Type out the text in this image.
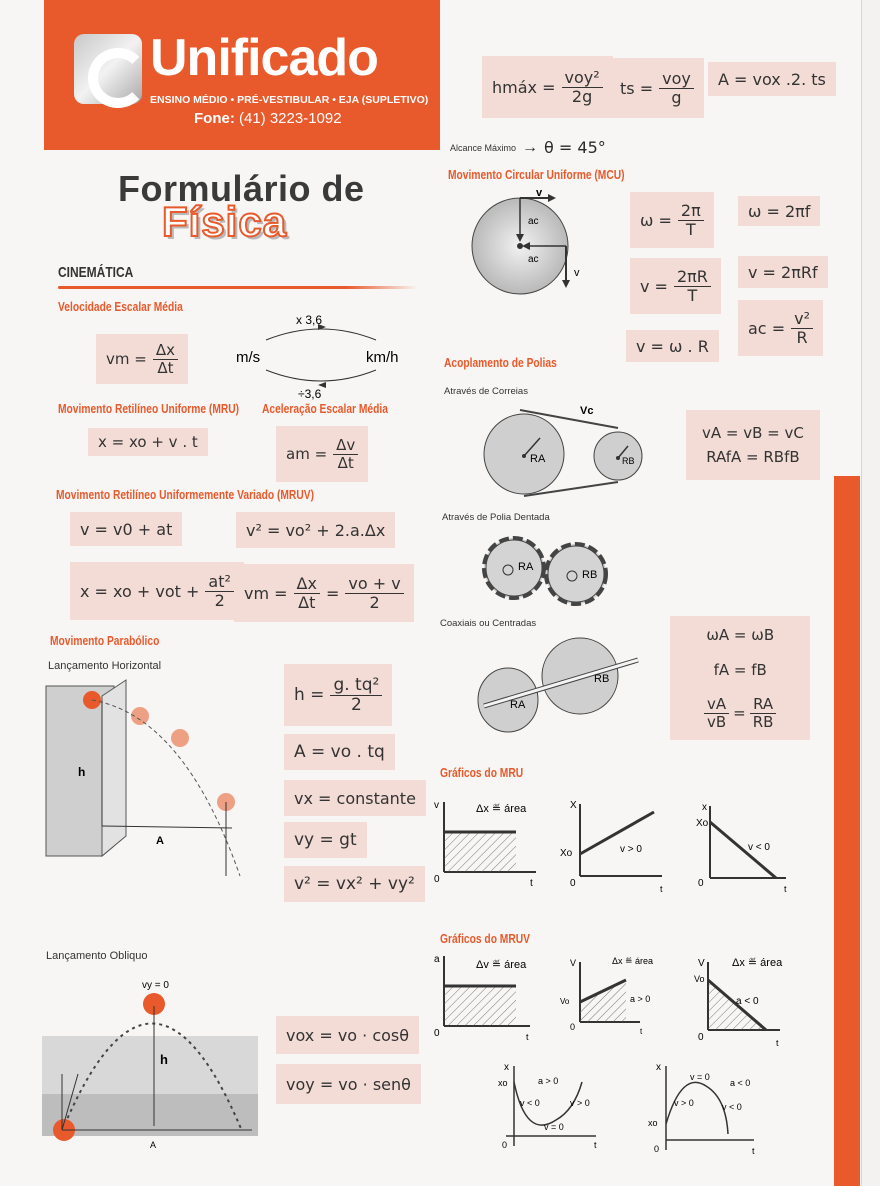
Unificado
ENSINO MÉDIO • PRÉ-VESTIBULAR • EJA (SUPLETIVO)
Fone: (41) 3223-1092
Formulário de
Física
CINEMÁTICA
Velocidade Escalar Média
vm = $\frac{\Delta x}{\Delta t}$
x 3,6
÷3,6
m/s	km/h
Movimento Retilíneo Uniforme (MRU) Aceleração Escalar Média
x = xo + v . t
am = $\frac{\Delta v}{\Delta t}$
Movimento Retilíneo Uniformemente Variado (MRUV)
v = v0 + at	v² = vo² + 2.a.Δx
x = xo + vot + $\frac{\text{at²}}{2}$ vm = $\frac{\Delta x}{\Delta t} = \frac{vo + v}{2}$
Movimento Parabólico
Lançamento Horizontal
h
A
$h = \frac{\text{g. tq²}}{2}$
A = vo . tq
vx = constante
vy = gt
v² = vx² + vy²
Lançamento Obliquo
h
vy = 0
A
vox = vo · cosθ
voy = vo · senθ
hmáx = $\frac{\text{voy²}}{2g}$ ts = $\frac{\text{voy}}{g}$	A = vox .2. ts
Alcance Máximo → θ = 45°
Movimento Circular Uniforme (MCU)
v
ac
ac
v
$\omega = \frac{2\pi}{T}$	ω = 2πf
$v = \frac{2\pi R}{T}$	v = 2πRf
v = ω . R
ac = $\frac{\text{v²}}{R}$
Acoplamento de Polias
Através de Correias
RA	RB
Vc
vA = vB = vC
RAfA = RBfB
Através de Polia Dentada
RA
RB
Coaxiais ou Centradas
RA
RB
ωA = ωB
fA = fB
$\frac{vA}{vB} = \frac{RA}{RB}$
Gráficos do MRU
v
t
0
Δx ≝ área	X
Xo	v > 0
0	t
x
Xo
v < 0
0	t
Gráficos do MRUV
a
0	t
Δv ≝ área	V
Vo
Δx ≝ área
a > 0
0	t
V
Vo
Δx ≝ área
a < 0
0	t
x
xo	a > 0
v < 0	v > 0
v = 0
0	t
x
xo
a < 0
v > 0	v < 0
v = 0
0	t
